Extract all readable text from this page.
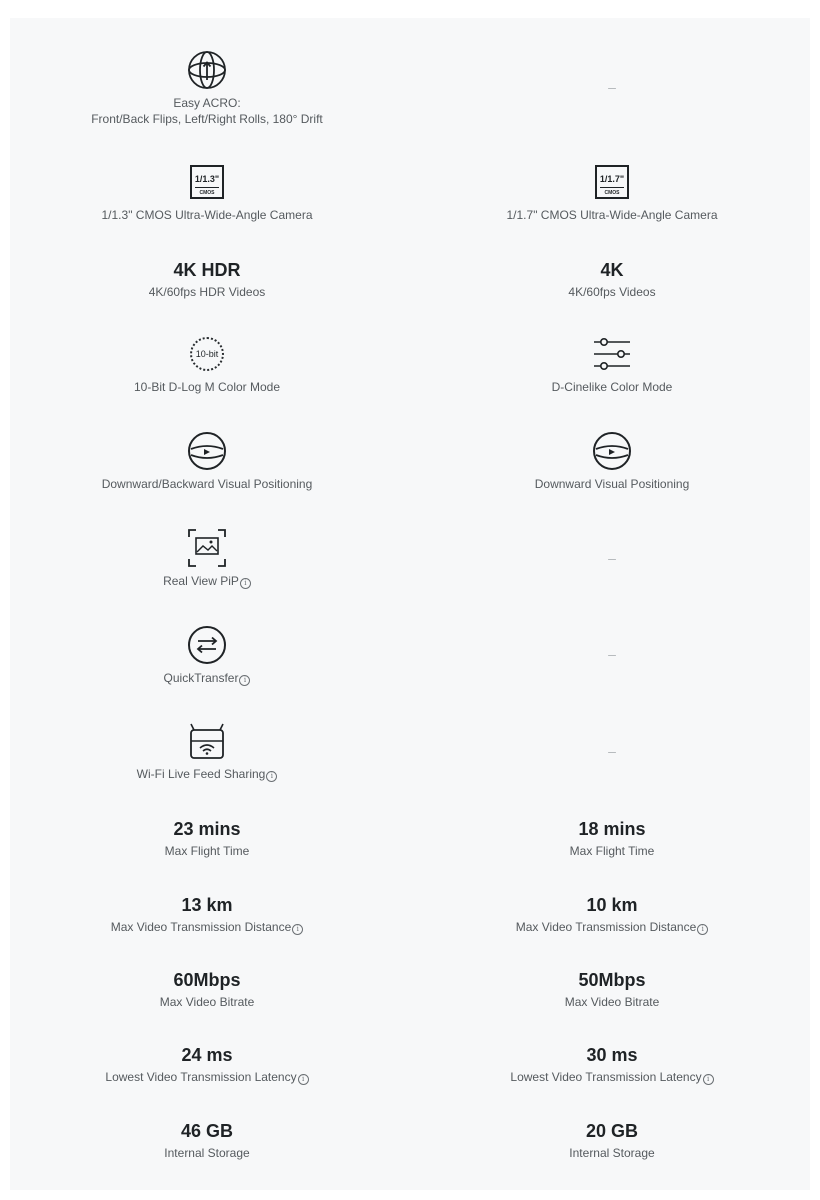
Easy ACRO:
Front/Back Flips, Left/Right Rolls, 180° Drift
–
1/1.3"
CMOS
1/1.3" CMOS Ultra-Wide-Angle Camera
1/1.7"
CMOS
1/1.7" CMOS Ultra-Wide-Angle Camera
4K HDR
4K/60fps HDR Videos
4K
4K/60fps Videos
10-bit
10-Bit D-Log M Color Mode	D-Cinelike Color Mode
Downward/Backward Visual Positioning	Downward Visual Positioning
Real View PiP i
–
QuickTransfer i
–
Wi-Fi Live Feed Sharing i
–
23 mins
Max Flight Time
18 mins
Max Flight Time
13 km
Max Video Transmission Distance i
10 km
Max Video Transmission Distance i
60Mbps
Max Video Bitrate
50Mbps
Max Video Bitrate
24 ms
Lowest Video Transmission Latency i
30 ms
Lowest Video Transmission Latency i
46 GB
Internal Storage
20 GB
Internal Storage
